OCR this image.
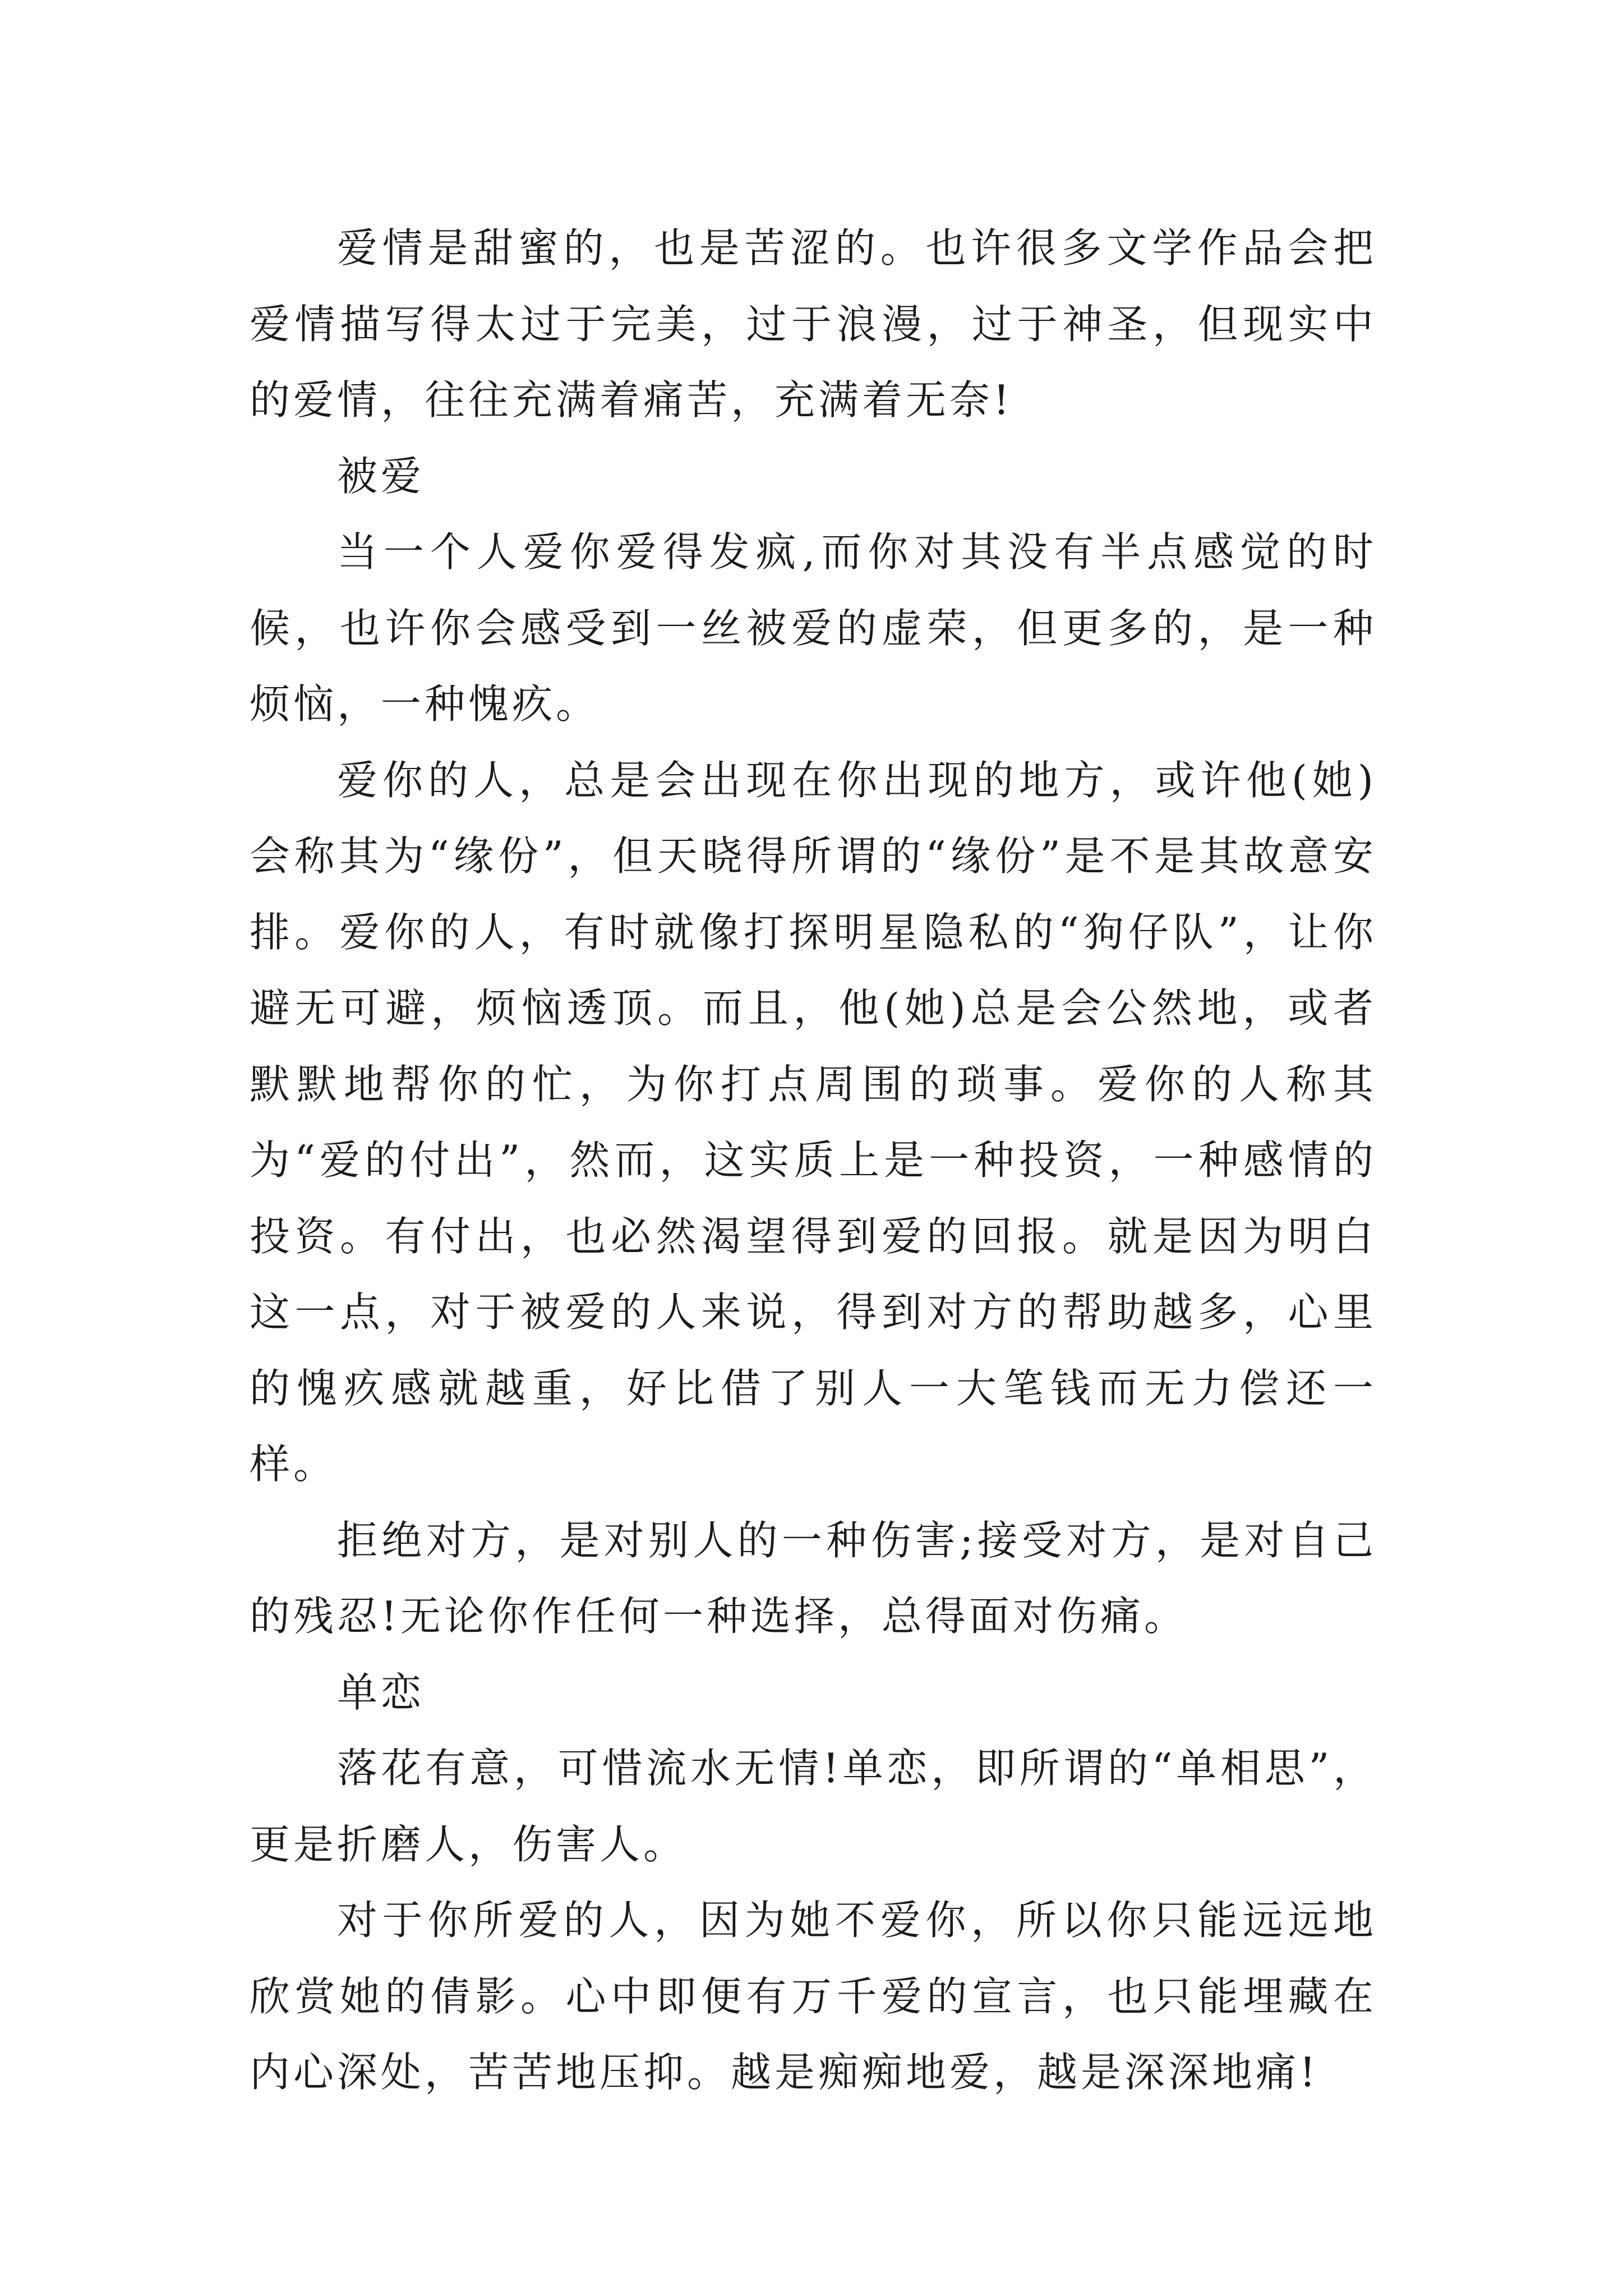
爱情是甜蜜的，也是苦涩的。也许很多文学作品会把爱情描写得太过于完美，过于浪漫，过于神圣，但现实中的爱情，往往充满着痛苦，充满着无奈!

被爱

当一个人爱你爱得发疯,而你对其没有半点感觉的时候，也许你会感受到一丝被爱的虚荣，但更多的，是一种烦恼，一种愧疚。

爱你的人，总是会出现在你出现的地方，或许他(她)会称其为“缘份”，但天晓得所谓的“缘份”是不是其故意安排。爱你的人，有时就像打探明星隐私的“狗仔队”，让你避无可避，烦恼透顶。而且，他(她)总是会公然地，或者默默地帮你的忙，为你打点周围的琐事。爱你的人称其为“爱的付出”，然而，这实质上是一种投资，一种感情的投资。有付出，也必然渴望得到爱的回报。就是因为明白这一点，对于被爱的人来说，得到对方的帮助越多，心里的愧疚感就越重，好比借了别人一大笔钱而无力偿还一样。

拒绝对方，是对别人的一种伤害;接受对方，是对自己的残忍!无论你作任何一种选择，总得面对伤痛。

单恋

落花有意，可惜流水无情!单恋，即所谓的“单相思”，更是折磨人，伤害人。

对于你所爱的人，因为她不爱你，所以你只能远远地欣赏她的倩影。心中即便有万千爱的宣言，也只能埋藏在内心深处，苦苦地压抑。越是痴痴地爱，越是深深地痛!
